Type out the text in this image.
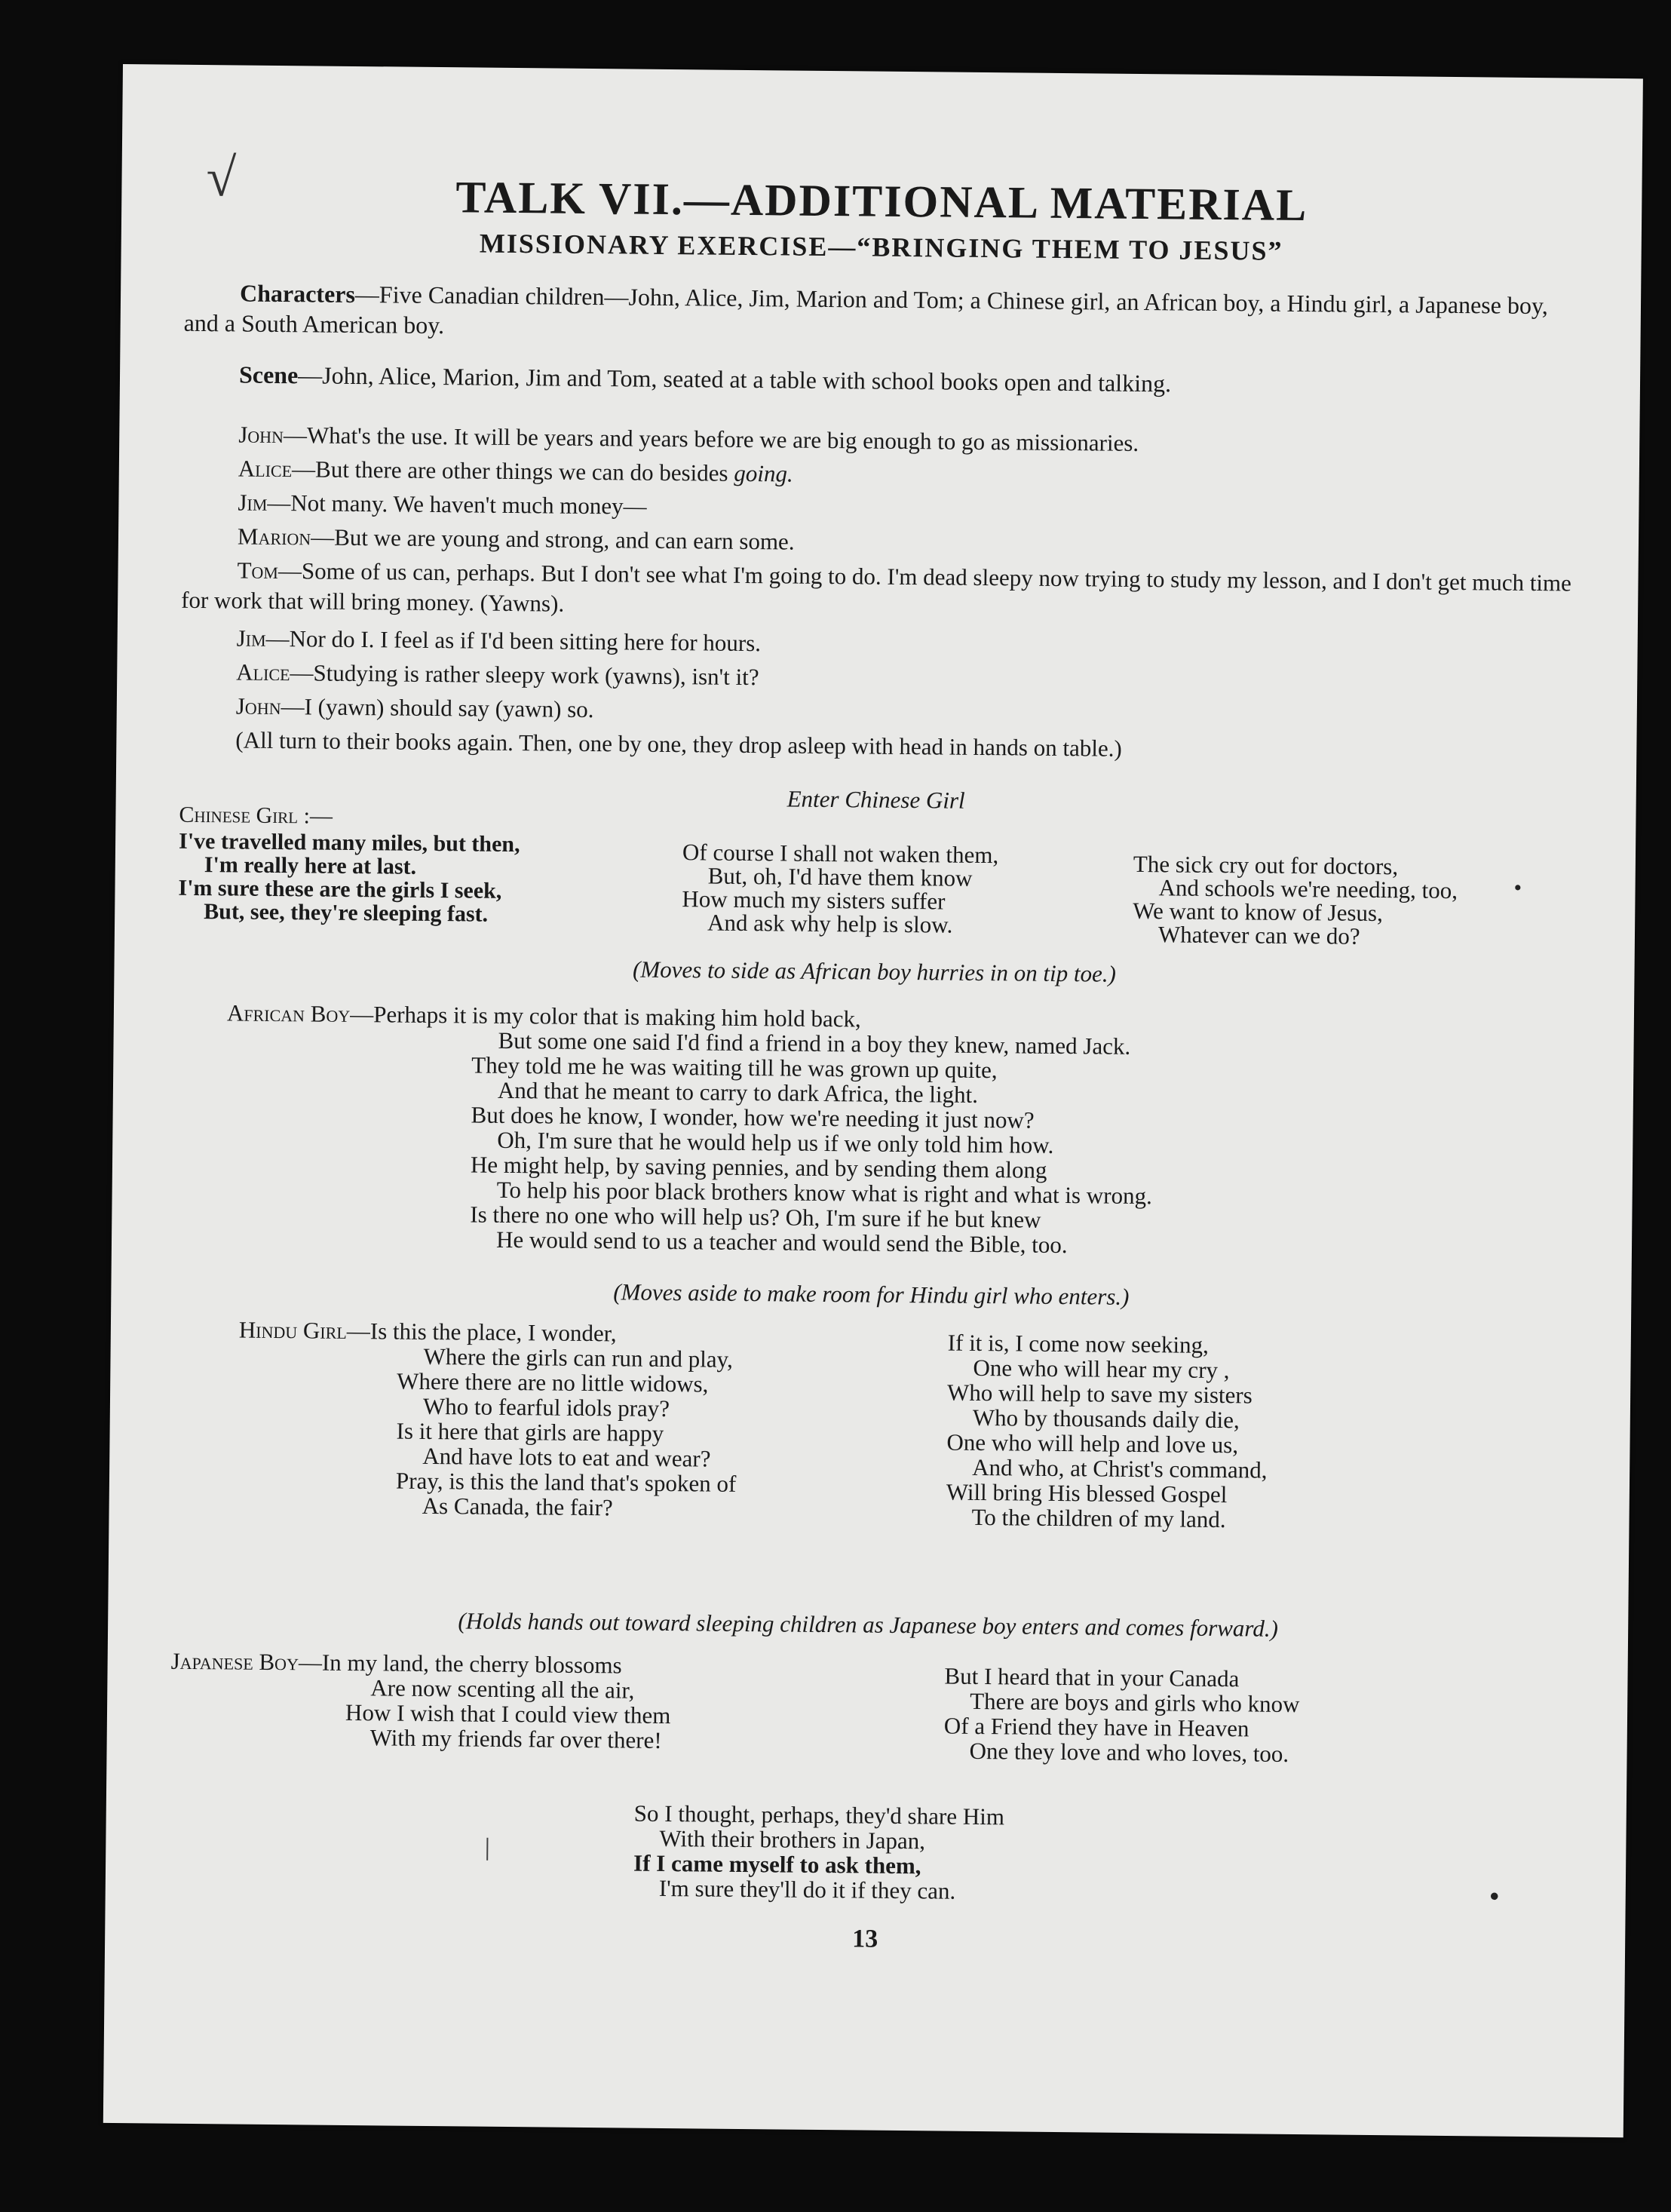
√	TALK VII.—ADDITIONAL MATERIAL
MISSIONARY EXERCISE—“BRINGING THEM TO JESUS”
Characters—Five Canadian children—John, Alice, Jim, Marion and Tom; a Chinese girl, an African boy, a Hindu girl, a Japanese boy, and a South American boy.
Scene—John, Alice, Marion, Jim and Tom, seated at a table with school books open and talking.
John—What's the use. It will be years and years before we are big enough to go as missionaries.
Alice—But there are other things we can do besides going.
Jim—Not many. We haven't much money—
Marion—But we are young and strong, and can earn some.
Tom—Some of us can, perhaps. But I don't see what I'm going to do. I'm dead sleepy now trying to study my lesson, and I don't get much time for work that will bring money. (Yawns).
Jim—Nor do I. I feel as if I'd been sitting here for hours.
Alice—Studying is rather sleepy work (yawns), isn't it?
John—I (yawn) should say (yawn) so.
(All turn to their books again. Then, one by one, they drop asleep with head in hands on table.)
Enter Chinese Girl
Chinese Girl :—
I've travelled many miles, but then,
I'm really here at last.
I'm sure these are the girls I seek,
But, see, they're sleeping fast.
Of course I shall not waken them,
But, oh, I'd have them know
How much my sisters suffer
And ask why help is slow.
The sick cry out for doctors,
And schools we're needing, too,
We want to know of Jesus,
Whatever can we do?
(Moves to side as African boy hurries in on tip toe.)
African Boy—Perhaps it is my color that is making him hold back,
But some one said I'd find a friend in a boy they knew, named Jack.
They told me he was waiting till he was grown up quite,
And that he meant to carry to dark Africa, the light.
But does he know, I wonder, how we're needing it just now?
Oh, I'm sure that he would help us if we only told him how.
He might help, by saving pennies, and by sending them along
To help his poor black brothers know what is right and what is wrong.
Is there no one who will help us? Oh, I'm sure if he but knew
He would send to us a teacher and would send the Bible, too.
(Moves aside to make room for Hindu girl who enters.)
Hindu Girl—Is this the place, I wonder,
Where the girls can run and play,
Where there are no little widows,
Who to fearful idols pray?
Is it here that girls are happy
And have lots to eat and wear?
Pray, is this the land that's spoken of
As Canada, the fair?
If it is, I come now seeking,
One who will hear my cry ,
Who will help to save my sisters
Who by thousands daily die,
One who will help and love us,
And who, at Christ's command,
Will bring His blessed Gospel
To the children of my land.
(Holds hands out toward sleeping children as Japanese boy enters and comes forward.)
Japanese Boy—In my land, the cherry blossoms
Are now scenting all the air,
How I wish that I could view them
With my friends far over there!
But I heard that in your Canada
There are boys and girls who know
Of a Friend they have in Heaven
One they love and who loves, too.
So I thought, perhaps, they'd share Him
With their brothers in Japan,
If I came myself to ask them,
I'm sure they'll do it if they can.
13
•
•
